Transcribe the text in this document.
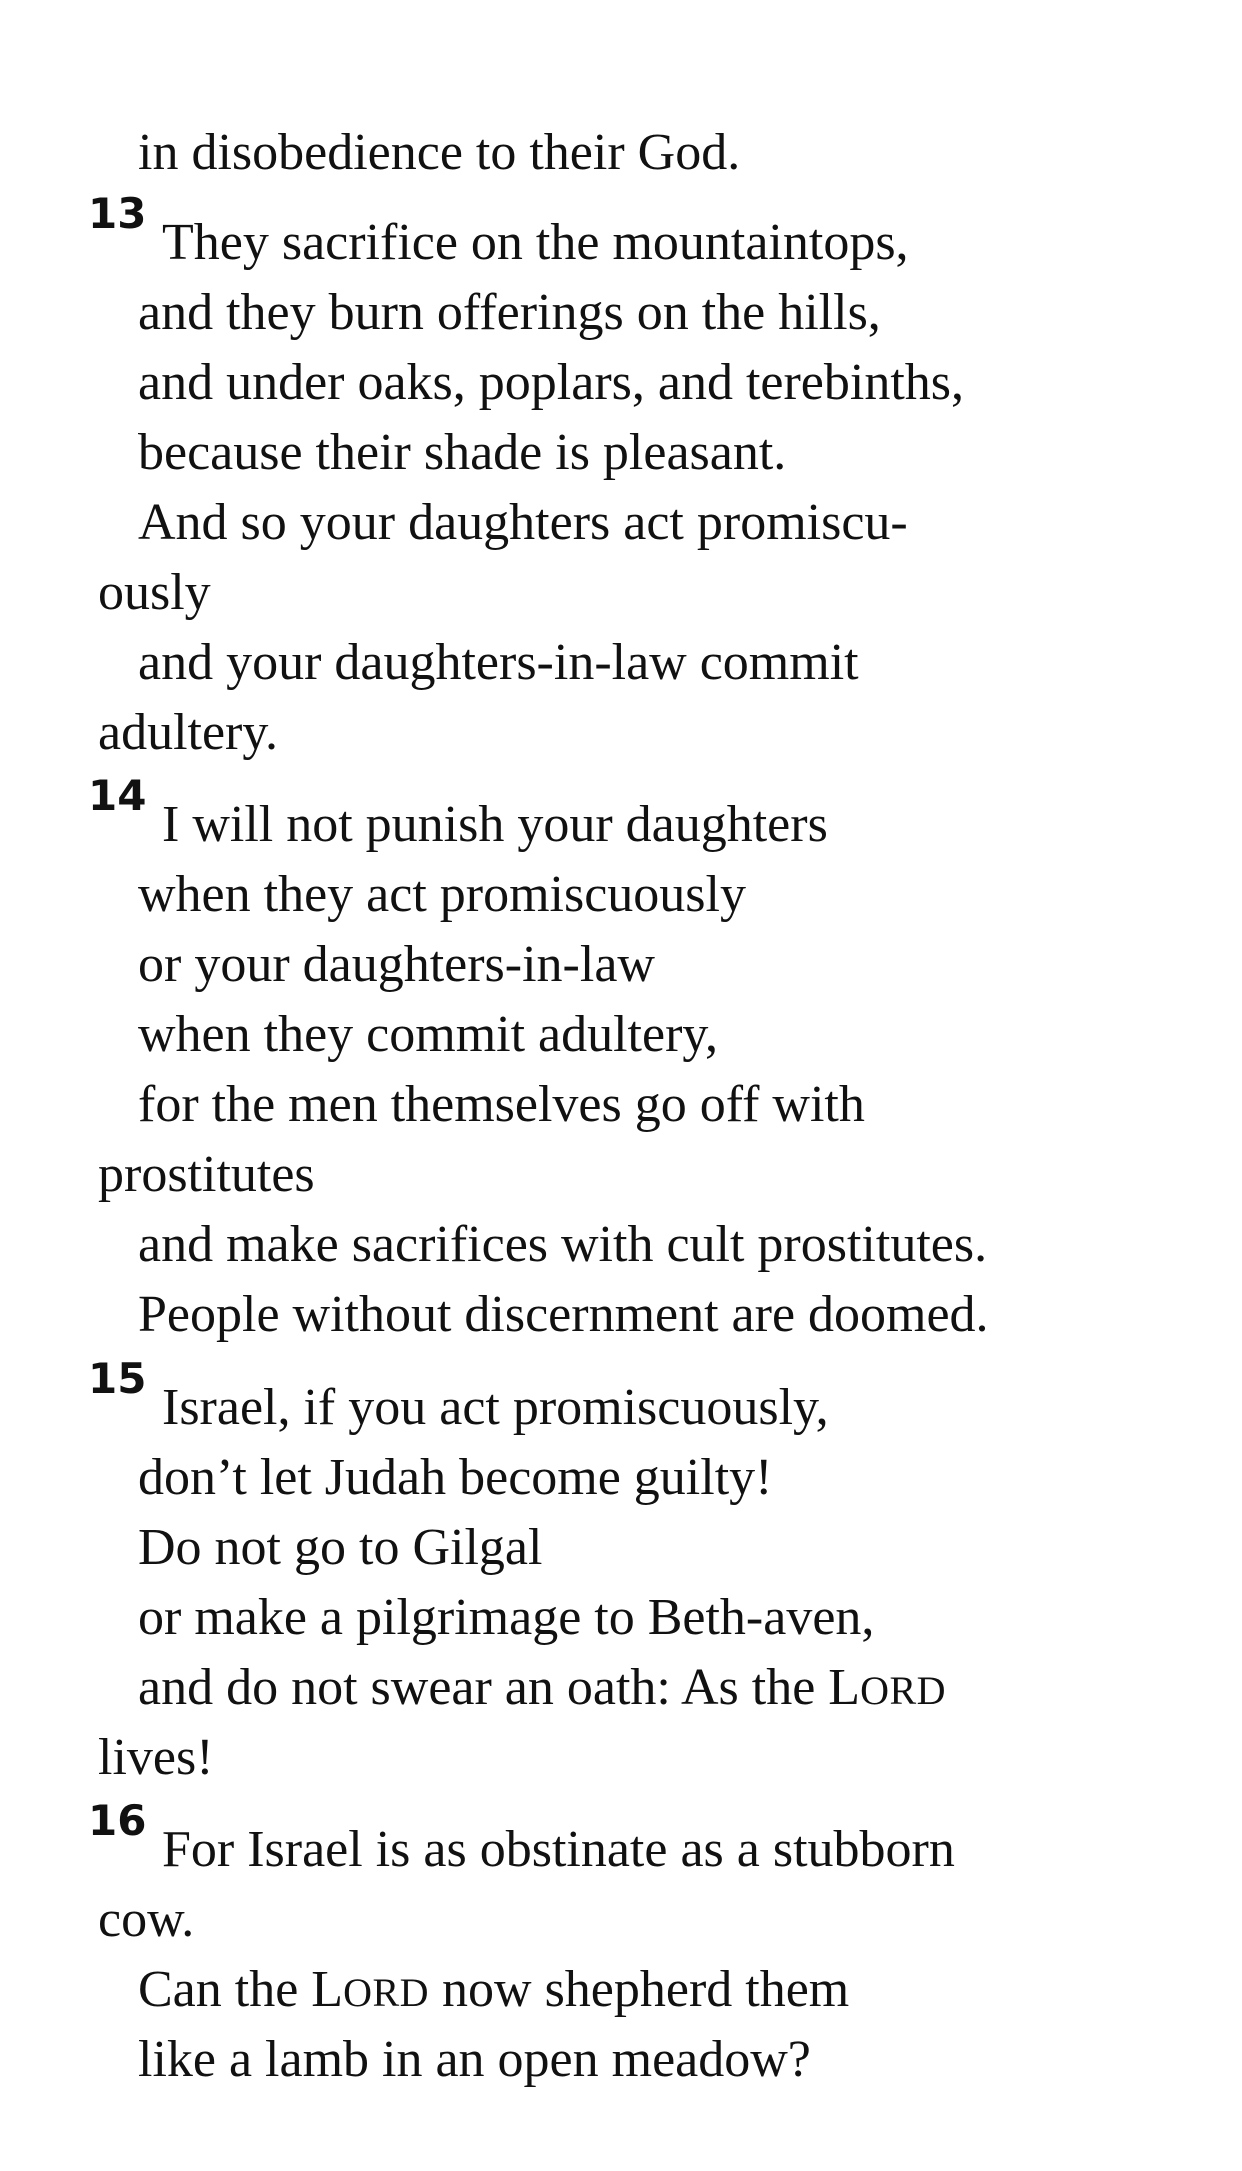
in disobedience to their God.
13
They sacrifice on the mountaintops,
and they burn offerings on the hills,
and under oaks, poplars, and terebinths,
because their shade is pleasant.
And so your daughters act promiscu-
ously
and your daughters-in-law commit
adultery.
14
I will not punish your daughters
when they act promiscuously
or your daughters-in-law
when they commit adultery,
for the men themselves go off with
prostitutes
and make sacrifices with cult prostitutes.
People without discernment are doomed.
15
Israel, if you act promiscuously,
don’t let Judah become guilty!
Do not go to Gilgal
or make a pilgrimage to Beth-aven,
and do not swear an oath: As the LORD
lives!
16
For Israel is as obstinate as a stubborn
cow.
Can the LORD now shepherd them
like a lamb in an open meadow?
